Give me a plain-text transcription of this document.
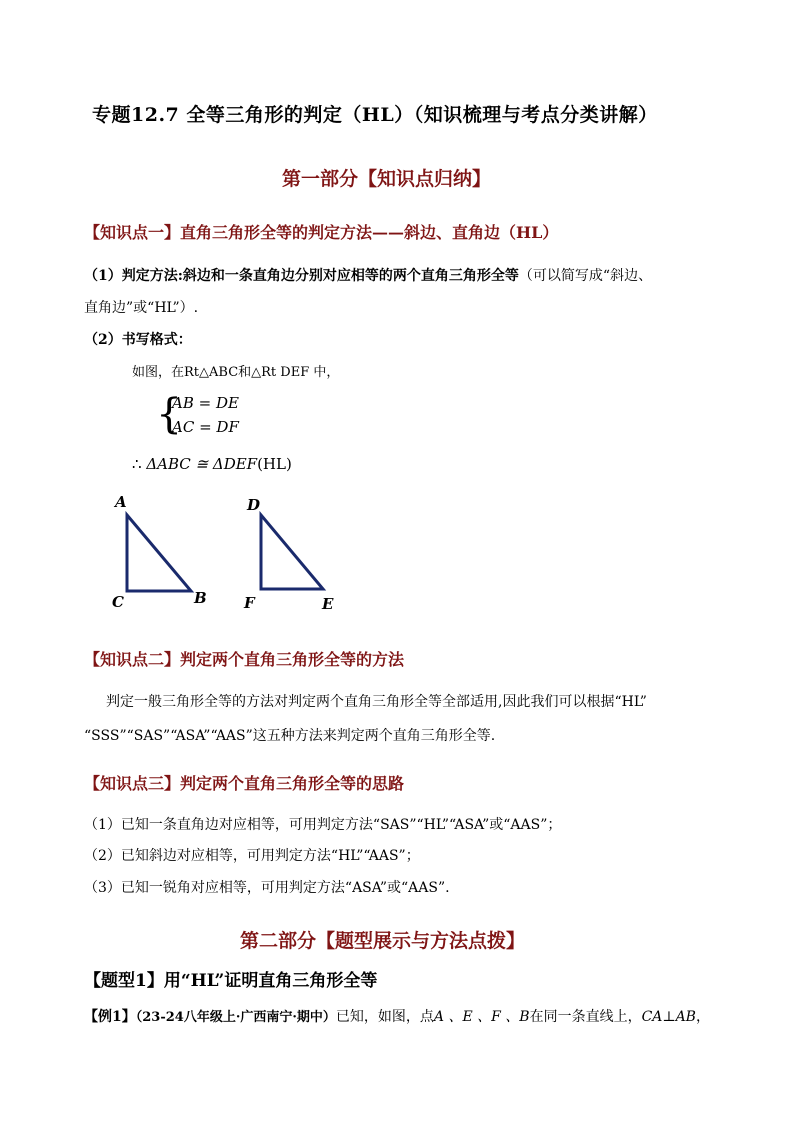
专题12.7 全等三角形的判定（HL）（知识梳理与考点分类讲解）
第一部分【知识点归纳】
【知识点一】直角三角形全等的判定方法——斜边、直角边（HL）
（1）判定方法:斜边和一条直角边分别对应相等的两个直角三角形全等（可以简写成“斜边、
直角边”或“HL”）.
（2）书写格式：
如图，在Rt△ABC和△Rt DEF 中，
{
AB = DE
AC = DF
∴ ΔABC ≅ ΔDEF(HL)
A
C	B
D
F	E
【知识点二】判定两个直角三角形全等的方法
判定一般三角形全等的方法对判定两个直角三角形全等全部适用,因此我们可以根据“HL”
“SSS”“SAS”“ASA”“AAS”这五种方法来判定两个直角三角形全等.
【知识点三】判定两个直角三角形全等的思路
（1）已知一条直角边对应相等，可用判定方法“SAS”“HL”“ASA”或“AAS”；
（2）已知斜边对应相等，可用判定方法“HL”“AAS”；
（3）已知一锐角对应相等，可用判定方法“ASA”或“AAS”.
第二部分【题型展示与方法点拨】
【题型1】用“HL”证明直角三角形全等
【例1】（23-24八年级上·广西南宁·期中）已知，如图，点A 、E 、F 、B在同一条直线上，CA⊥AB，
